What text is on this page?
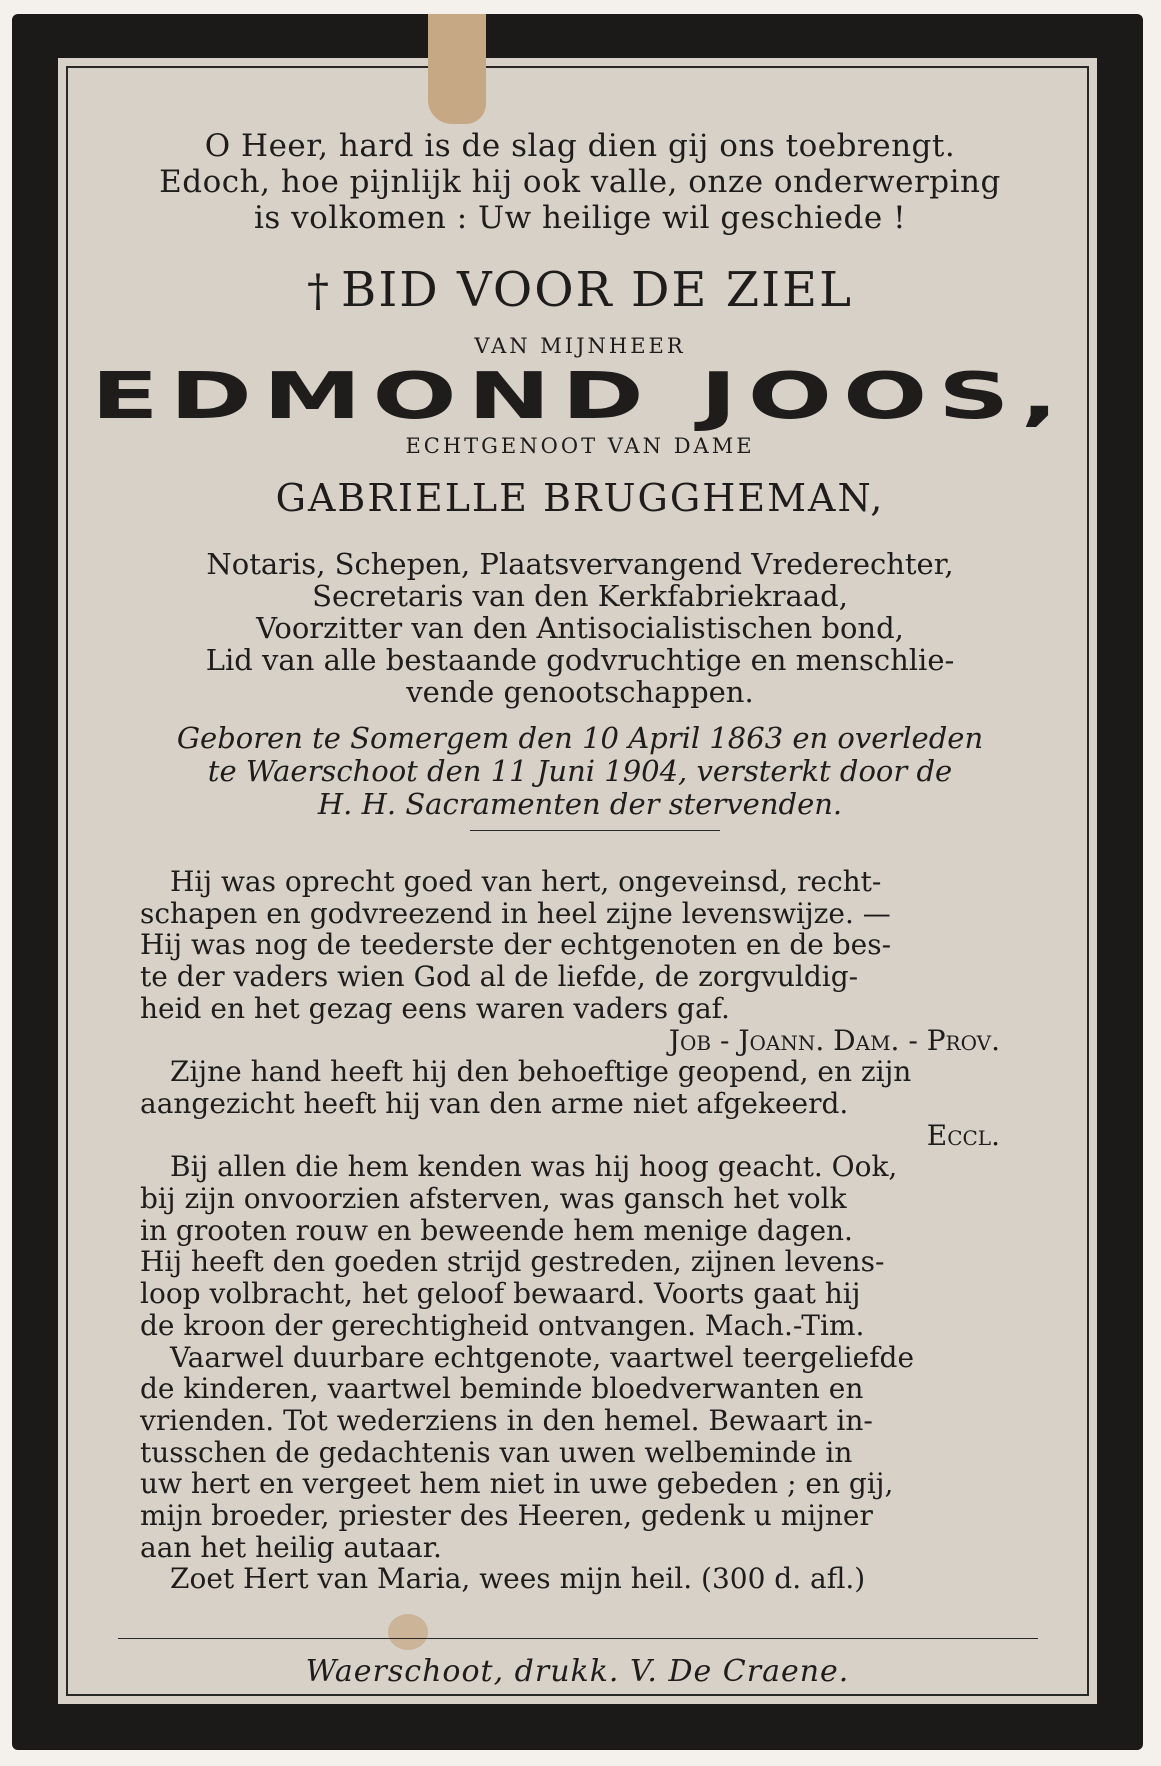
O Heer, hard is de slag dien gij ons toebrengt.
Edoch, hoe pijnlijk hij ook valle, onze onderwerping
is volkomen : Uw heilige wil geschiede !
† BID VOOR DE ZIEL
VAN MIJNHEER
EDMOND JOOS,
ECHTGENOOT VAN DAME
GABRIELLE BRUGGHEMAN,
Notaris, Schepen, Plaatsvervangend Vrederechter,
Secretaris van den Kerkfabriekraad,
Voorzitter van den Antisocialistischen bond,
Lid van alle bestaande godvruchtige en menschlie-
vende genootschappen.
Geboren te Somergem den 10 April 1863 en overleden
te Waerschoot den 11 Juni 1904, versterkt door de
H. H. Sacramenten der stervenden.
Hij was oprecht goed van hert, ongeveinsd, recht-
schapen en godvreezend in heel zijne levenswijze. —
Hij was nog de teederste der echtgenoten en de bes-
te der vaders wien God al de liefde, de zorgvuldig-
heid en het gezag eens waren vaders gaf.
Job - Joann. Dam. - Prov.
Zijne hand heeft hij den behoeftige geopend, en zijn
aangezicht heeft hij van den arme niet afgekeerd.
Eccl.
Bij allen die hem kenden was hij hoog geacht. Ook,
bij zijn onvoorzien afsterven, was gansch het volk
in grooten rouw en beweende hem menige dagen.
Hij heeft den goeden strijd gestreden, zijnen levens-
loop volbracht, het geloof bewaard. Voorts gaat hij
de kroon der gerechtigheid ontvangen. Mach.-Tim.
Vaarwel duurbare echtgenote, vaartwel teergeliefde
de kinderen, vaartwel beminde bloedverwanten en
vrienden. Tot wederziens in den hemel. Bewaart in-
tusschen de gedachtenis van uwen welbeminde in
uw hert en vergeet hem niet in uwe gebeden ; en gij,
mijn broeder, priester des Heeren, gedenk u mijner
aan het heilig autaar.
Zoet Hert van Maria, wees mijn heil. (300 d. afl.)
Waerschoot, drukk. V. De Craene.
